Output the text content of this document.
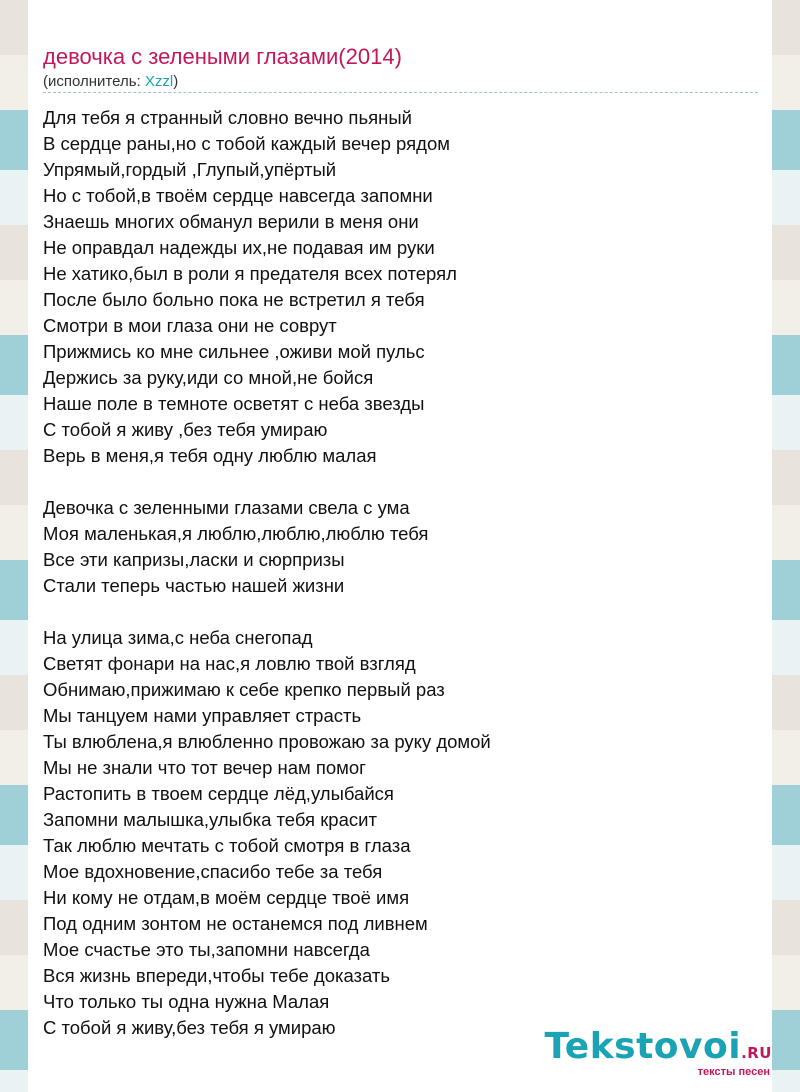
девочка с зелеными глазами(2014)
(исполнитель: Xzzl)
Для тебя я странный словно вечно пьяный
В сердце раны,но с тобой каждый вечер рядом
Упрямый,гордый ,Глупый,упёртый
Но с тобой,в твоём сердце навсегда запомни
Знаешь многих обманул верили в меня они
Не оправдал надежды их,не подавая им руки
Не хатико,был в роли я предателя всех потерял
После было больно пока не встретил я тебя
Смотри в мои глаза они не соврут
Прижмись ко мне сильнее ,оживи мой пульс
Держись за руку,иди со мной,не бойся
Наше поле в темноте осветят с неба звезды
С тобой я живу ,без тебя умираю
Верь в меня,я тебя одну люблю малая
Девочка с зеленными глазами свела с ума
Моя маленькая,я люблю,люблю,люблю тебя
Все эти капризы,ласки и сюрпризы
Стали теперь частью нашей жизни
На улица зима,с неба снегопад
Светят фонари на нас,я ловлю твой взгляд
Обнимаю,прижимаю к себе крепко первый раз
Мы танцуем нами управляет страсть
Ты влюблена,я влюбленно провожаю за руку домой
Мы не знали что тот вечер нам помог
Растопить в твоем сердце лёд,улыбайся
Запомни малышка,улыбка тебя красит
Так люблю мечтать с тобой смотря в глаза
Мое вдохновение,спасибо тебе за тебя
Ни кому не отдам,в моём сердце твоё имя
Под одним зонтом не останемся под ливнем
Мое счастье это ты,запомни навсегда
Вся жизнь впереди,чтобы тебе доказать
Что только ты одна нужна Малая
С тобой я живу,без тебя я умираю	Tekstovoi.RU
тексты песен
